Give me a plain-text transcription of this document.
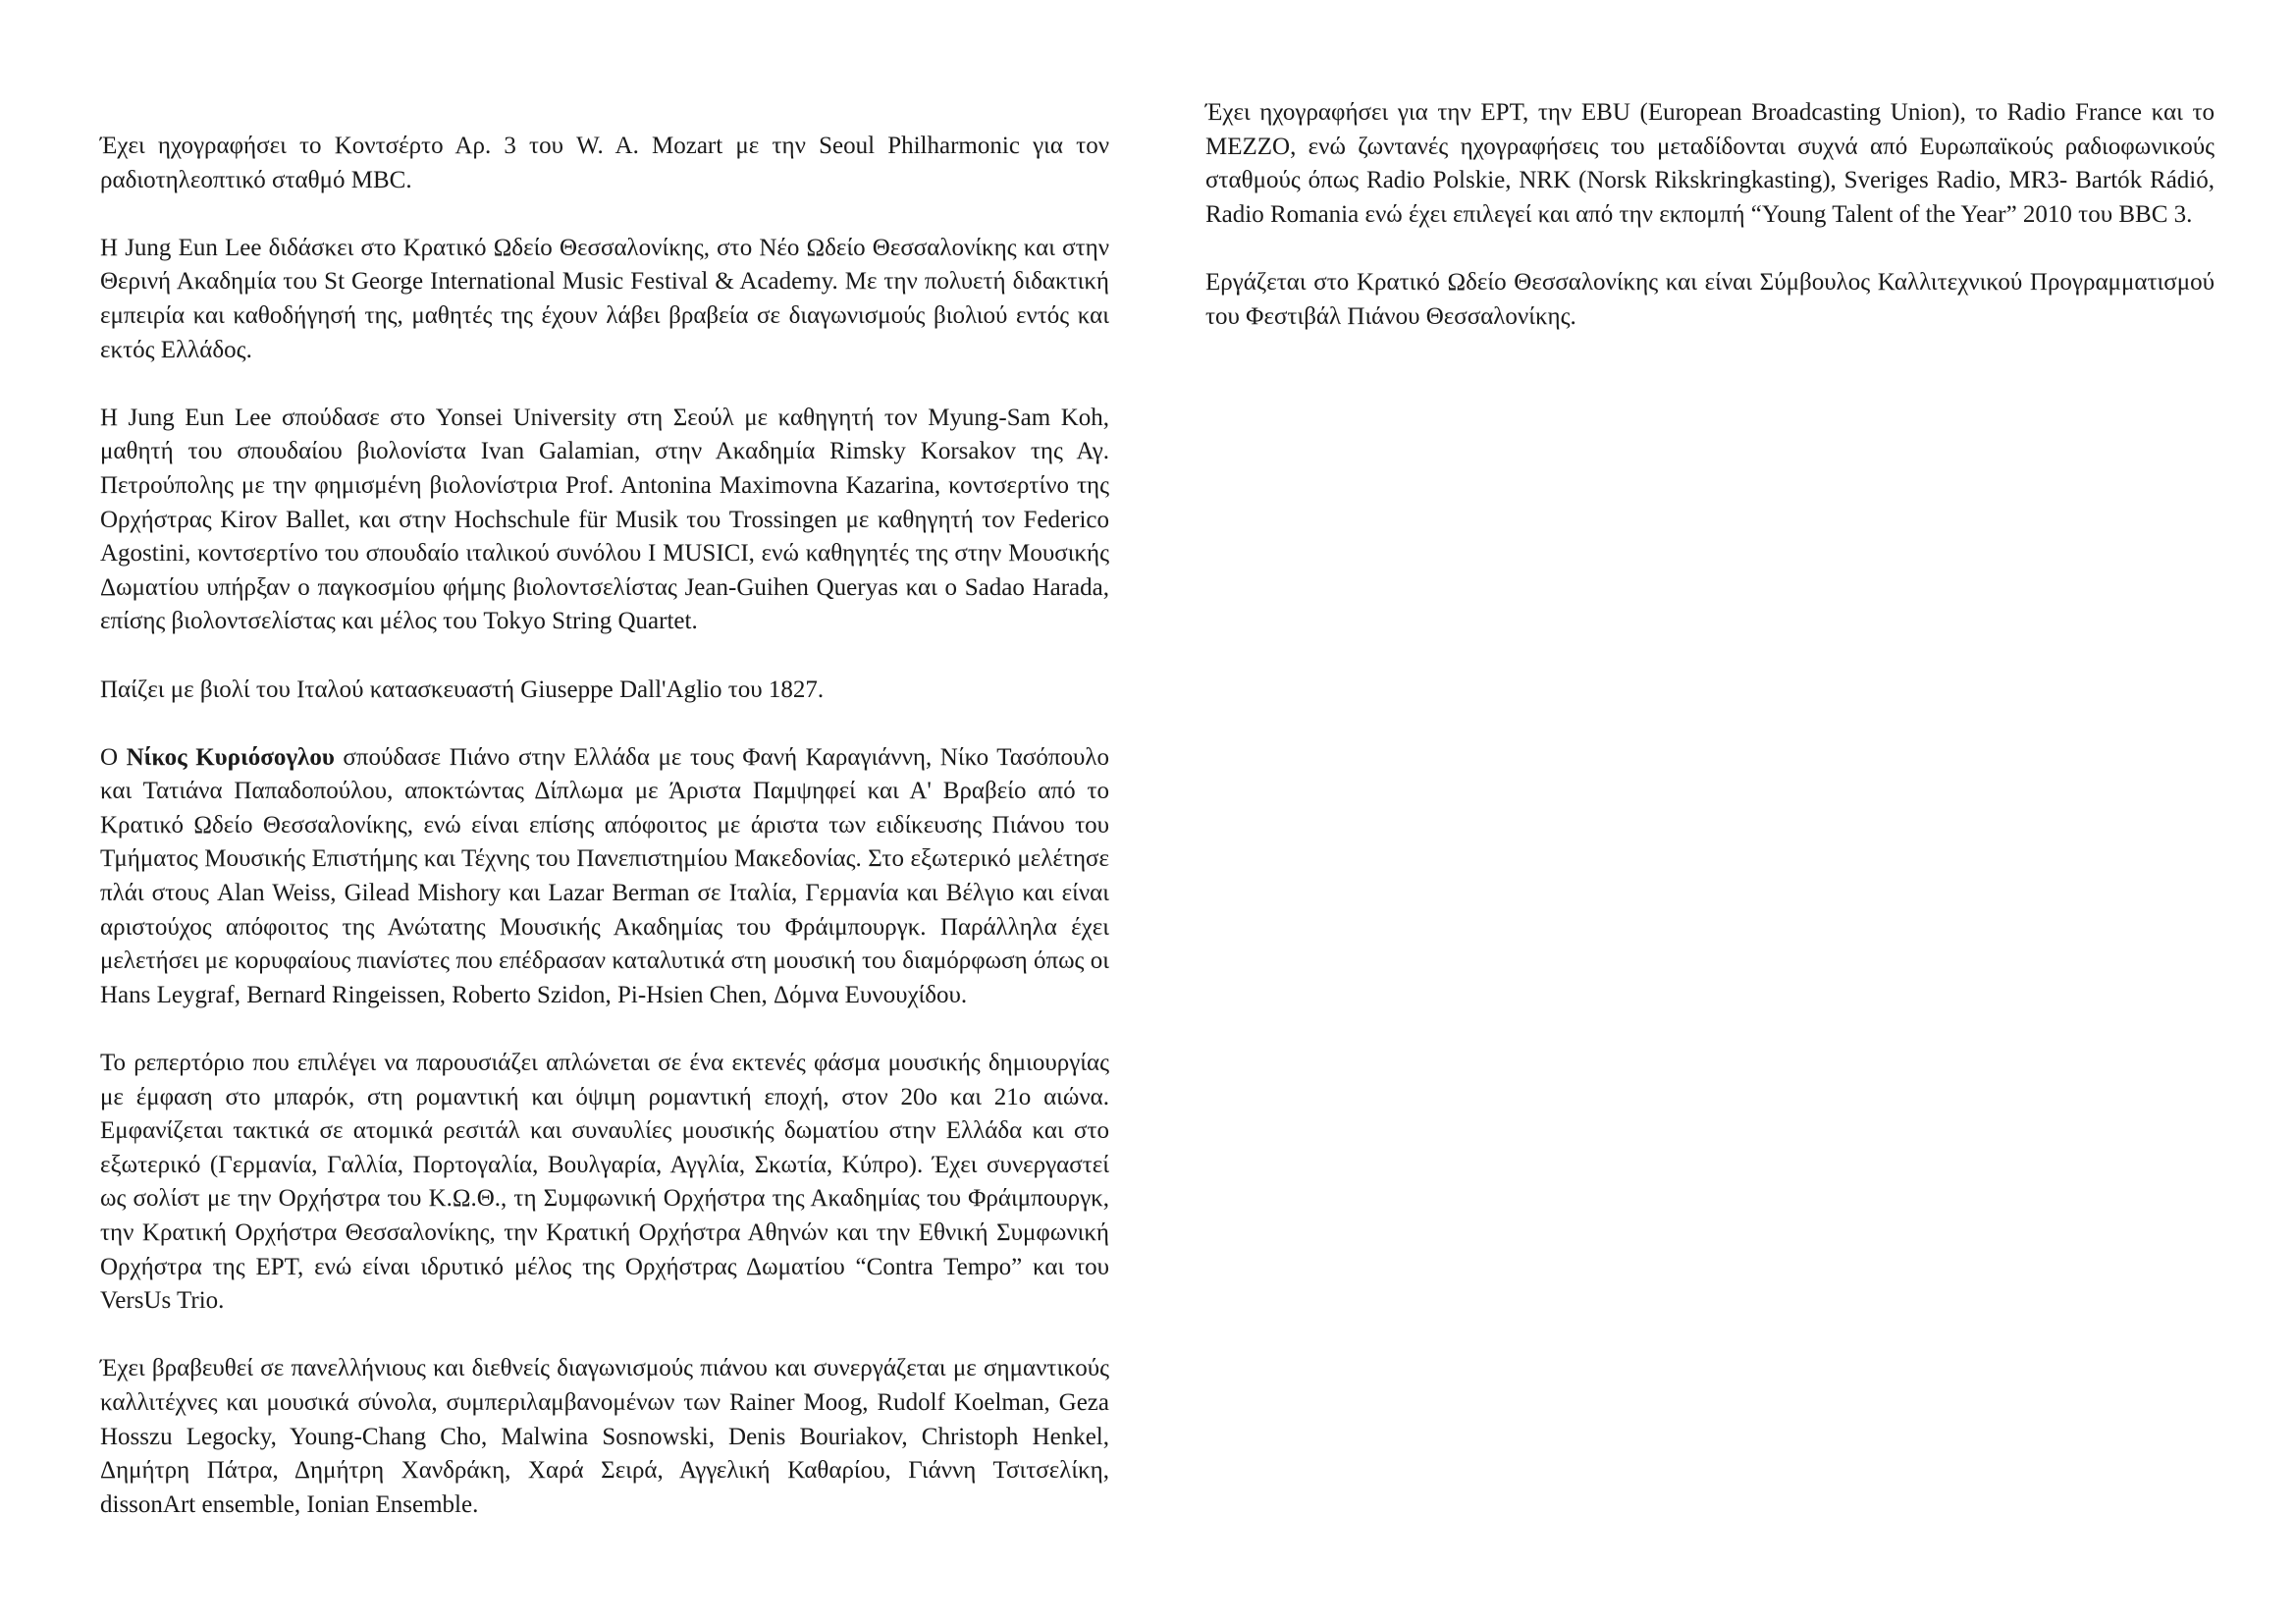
Έχει ηχογραφήσει το Κοντσέρτο Αρ. 3 του W. A. Mozart με την Seoul Philharmonic για τον ραδιοτηλεοπτικό σταθμό MBC.

Η Jung Eun Lee διδάσκει στο Κρατικό Ωδείο Θεσσαλονίκης, στο Νέο Ωδείο Θεσσαλονίκης και στην Θερινή Ακαδημία του St George International Music Festival & Academy. Με την πολυετή διδακτική εμπειρία και καθοδήγησή της, μαθητές της έχουν λάβει βραβεία σε διαγωνισμούς βιολιού εντός και εκτός Ελλάδος.

Η Jung Eun Lee σπούδασε στο Yonsei University στη Σεούλ με καθηγητή τον Myung-Sam Koh, μαθητή του σπουδαίου βιολονίστα Ivan Galamian, στην Ακαδημία Rimsky Korsakov της Αγ. Πετρούπολης με την φημισμένη βιολονίστρια Prof. Antonina Maximovna Kazarina, κοντσερτίνο της Ορχήστρας Kirov Ballet, και στην Hochschule für Musik του Trossingen με καθηγητή τον Federico Agostini, κοντσερτίνο του σπουδαίο ιταλικού συνόλου I MUSICI, ενώ καθηγητές της στην Μουσικής Δωματίου υπήρξαν ο παγκοσμίου φήμης βιολοντσελίστας Jean-Guihen Queryas και ο Sadao Harada, επίσης βιολοντσελίστας και μέλος του Tokyo String Quartet.

Παίζει με βιολί του Ιταλού κατασκευαστή Giuseppe Dall'Aglio του 1827.

Ο Νίκος Κυριόσογλου σπούδασε Πιάνο στην Ελλάδα με τους Φανή Καραγιάννη, Νίκο Τασόπουλο και Τατιάνα Παπαδοπούλου, αποκτώντας Δίπλωμα με Άριστα Παμψηφεί και Α' Βραβείο από το Κρατικό Ωδείο Θεσσαλονίκης, ενώ είναι επίσης απόφοιτος με άριστα των ειδίκευσης Πιάνου του Τμήματος Μουσικής Επιστήμης και Τέχνης του Πανεπιστημίου Μακεδονίας. Στο εξωτερικό μελέτησε πλάι στους Alan Weiss, Gilead Mishory και Lazar Berman σε Ιταλία, Γερμανία και Βέλγιο και είναι αριστούχος απόφοιτος της Ανώτατης Μουσικής Ακαδημίας του Φράιμπουργκ. Παράλληλα έχει μελετήσει με κορυφαίους πιανίστες που επέδρασαν καταλυτικά στη μουσική του διαμόρφωση όπως οι Hans Leygraf, Bernard Ringeissen, Roberto Szidon, Pi-Hsien Chen, Δόμνα Ευνουχίδου.

Το ρεπερτόριο που επιλέγει να παρουσιάζει απλώνεται σε ένα εκτενές φάσμα μουσικής δημιουργίας με έμφαση στο μπαρόκ, στη ρομαντική και όψιμη ρομαντική εποχή, στον 20ο και 21ο αιώνα. Εμφανίζεται τακτικά σε ατομικά ρεσιτάλ και συναυλίες μουσικής δωματίου στην Ελλάδα και στο εξωτερικό (Γερμανία, Γαλλία, Πορτογαλία, Βουλγαρία, Αγγλία, Σκωτία, Κύπρο). Έχει συνεργαστεί ως σολίστ με την Ορχήστρα του Κ.Ω.Θ., τη Συμφωνική Ορχήστρα της Ακαδημίας του Φράιμπουργκ, την Κρατική Ορχήστρα Θεσσαλονίκης, την Κρατική Ορχήστρα Αθηνών και την Εθνική Συμφωνική Ορχήστρα της ΕΡΤ, ενώ είναι ιδρυτικό μέλος της Ορχήστρας Δωματίου “Contra Tempo” και του VersUs Trio.

Έχει βραβευθεί σε πανελλήνιους και διεθνείς διαγωνισμούς πιάνου και συνεργάζεται με σημαντικούς καλλιτέχνες και μουσικά σύνολα, συμπεριλαμβανομένων των Rainer Moog, Rudolf Koelman, Geza Hosszu Legocky, Young-Chang Cho, Malwina Sosnowski, Denis Bouriakov, Christoph Henkel, Δημήτρη Πάτρα, Δημήτρη Χανδράκη, Χαρά Σειρά, Αγγελική Καθαρίου, Γιάννη Τσιτσελίκη, dissonArt ensemble, Ionian Ensemble.

Έχει ηχογραφήσει για την ΕΡΤ, την EBU (European Broadcasting Union), το Radio France και το MEZZO, ενώ ζωντανές ηχογραφήσεις του μεταδίδονται συχνά από Ευρωπαϊκούς ραδιοφωνικούς σταθμούς όπως Radio Polskie, NRK (Norsk Rikskringkasting), Sveriges Radio, MR3- Bartók Rádió, Radio Romania ενώ έχει επιλεγεί και από την εκπομπή “Young Talent of the Year” 2010 του BBC 3.

Εργάζεται στο Κρατικό Ωδείο Θεσσαλονίκης και είναι Σύμβουλος Καλλιτεχνικού Προγραμματισμού του Φεστιβάλ Πιάνου Θεσσαλονίκης.
